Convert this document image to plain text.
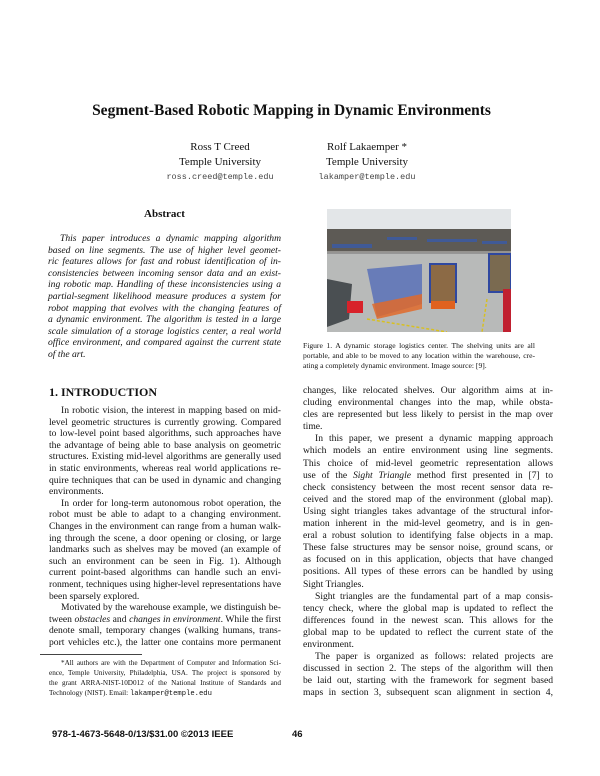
Segment-Based Robotic Mapping in Dynamic Environments
Ross T Creed
Temple University
ross.creed@temple.edu
Rolf Lakaemper *
Temple University
lakamper@temple.edu
Abstract
This paper introduces a dynamic mapping algorithm
based on line segments. The use of higher level geomet-
ric features allows for fast and robust identification of in-
consistencies between incoming sensor data and an exist-
ing robotic map. Handling of these inconsistencies using a
partial-segment likelihood measure produces a system for
robot mapping that evolves with the changing features of
a dynamic environment. The algorithm is tested in a large
scale simulation of a storage logistics center, a real world
office environment, and compared against the current state
of the art.
Figure 1. A dynamic storage logistics center. The shelving units are all
portable, and able to be moved to any location within the warehouse, cre-
ating a completely dynamic environment. Image source: [9].
1. INTRODUCTION
In robotic vision, the interest in mapping based on mid-
level geometric structures is currently growing. Compared
to low-level point based algorithms, such approaches have
the advantage of being able to base analysis on geometric
structures. Existing mid-level algorithms are generally used
in static environments, whereas real world applications re-
quire techniques that can be used in dynamic and changing
environments.
In order for long-term autonomous robot operation, the
robot must be able to adapt to a changing environment.
Changes in the environment can range from a human walk-
ing through the scene, a door opening or closing, or large
landmarks such as shelves may be moved (an example of
such an environment can be seen in Fig. 1). Although
current point-based algorithms can handle such an envi-
ronment, techniques using higher-level representations have
been sparsely explored.
Motivated by the warehouse example, we distinguish be-
tween obstacles and changes in environment. While the first
denote small, temporary changes (walking humans, trans-
port vehicles etc.), the latter one contains more permanent
changes, like relocated shelves. Our algorithm aims at in-
cluding environmental changes into the map, while obsta-
cles are represented but less likely to persist in the map over
time.
In this paper, we present a dynamic mapping approach
which models an entire environment using line segments.
This choice of mid-level geometric representation allows
use of the Sight Triangle method first presented in [7] to
check consistency between the most recent sensor data re-
ceived and the stored map of the environment (global map).
Using sight triangles takes advantage of the structural infor-
mation inherent in the mid-level geometry, and is in gen-
eral a robust solution to identifying false objects in a map.
These false structures may be sensor noise, ground scans, or
as focused on in this application, objects that have changed
positions. All types of these errors can be handled by using
Sight Triangles.
Sight triangles are the fundamental part of a map consis-
tency check, where the global map is updated to reflect the
differences found in the newest scan. This allows for the
global map to be updated to reflect the current state of the
environment.
The paper is organized as follows: related projects are
discussed in section 2. The steps of the algorithm will then
be laid out, starting with the framework for segment based
maps in section 3, subsequent scan alignment in section 4,
*All authors are with the Department of Computer and Information Sci-
ence, Temple University, Philadelphia, USA. The project is sponsored by
the grant ARRA-NIST-10D012 of the National Institute of Standards and
Technology (NIST). Email: lakamper@temple.edu
978-1-4673-5648-0/13/$31.00 ©2013 IEEE	46
